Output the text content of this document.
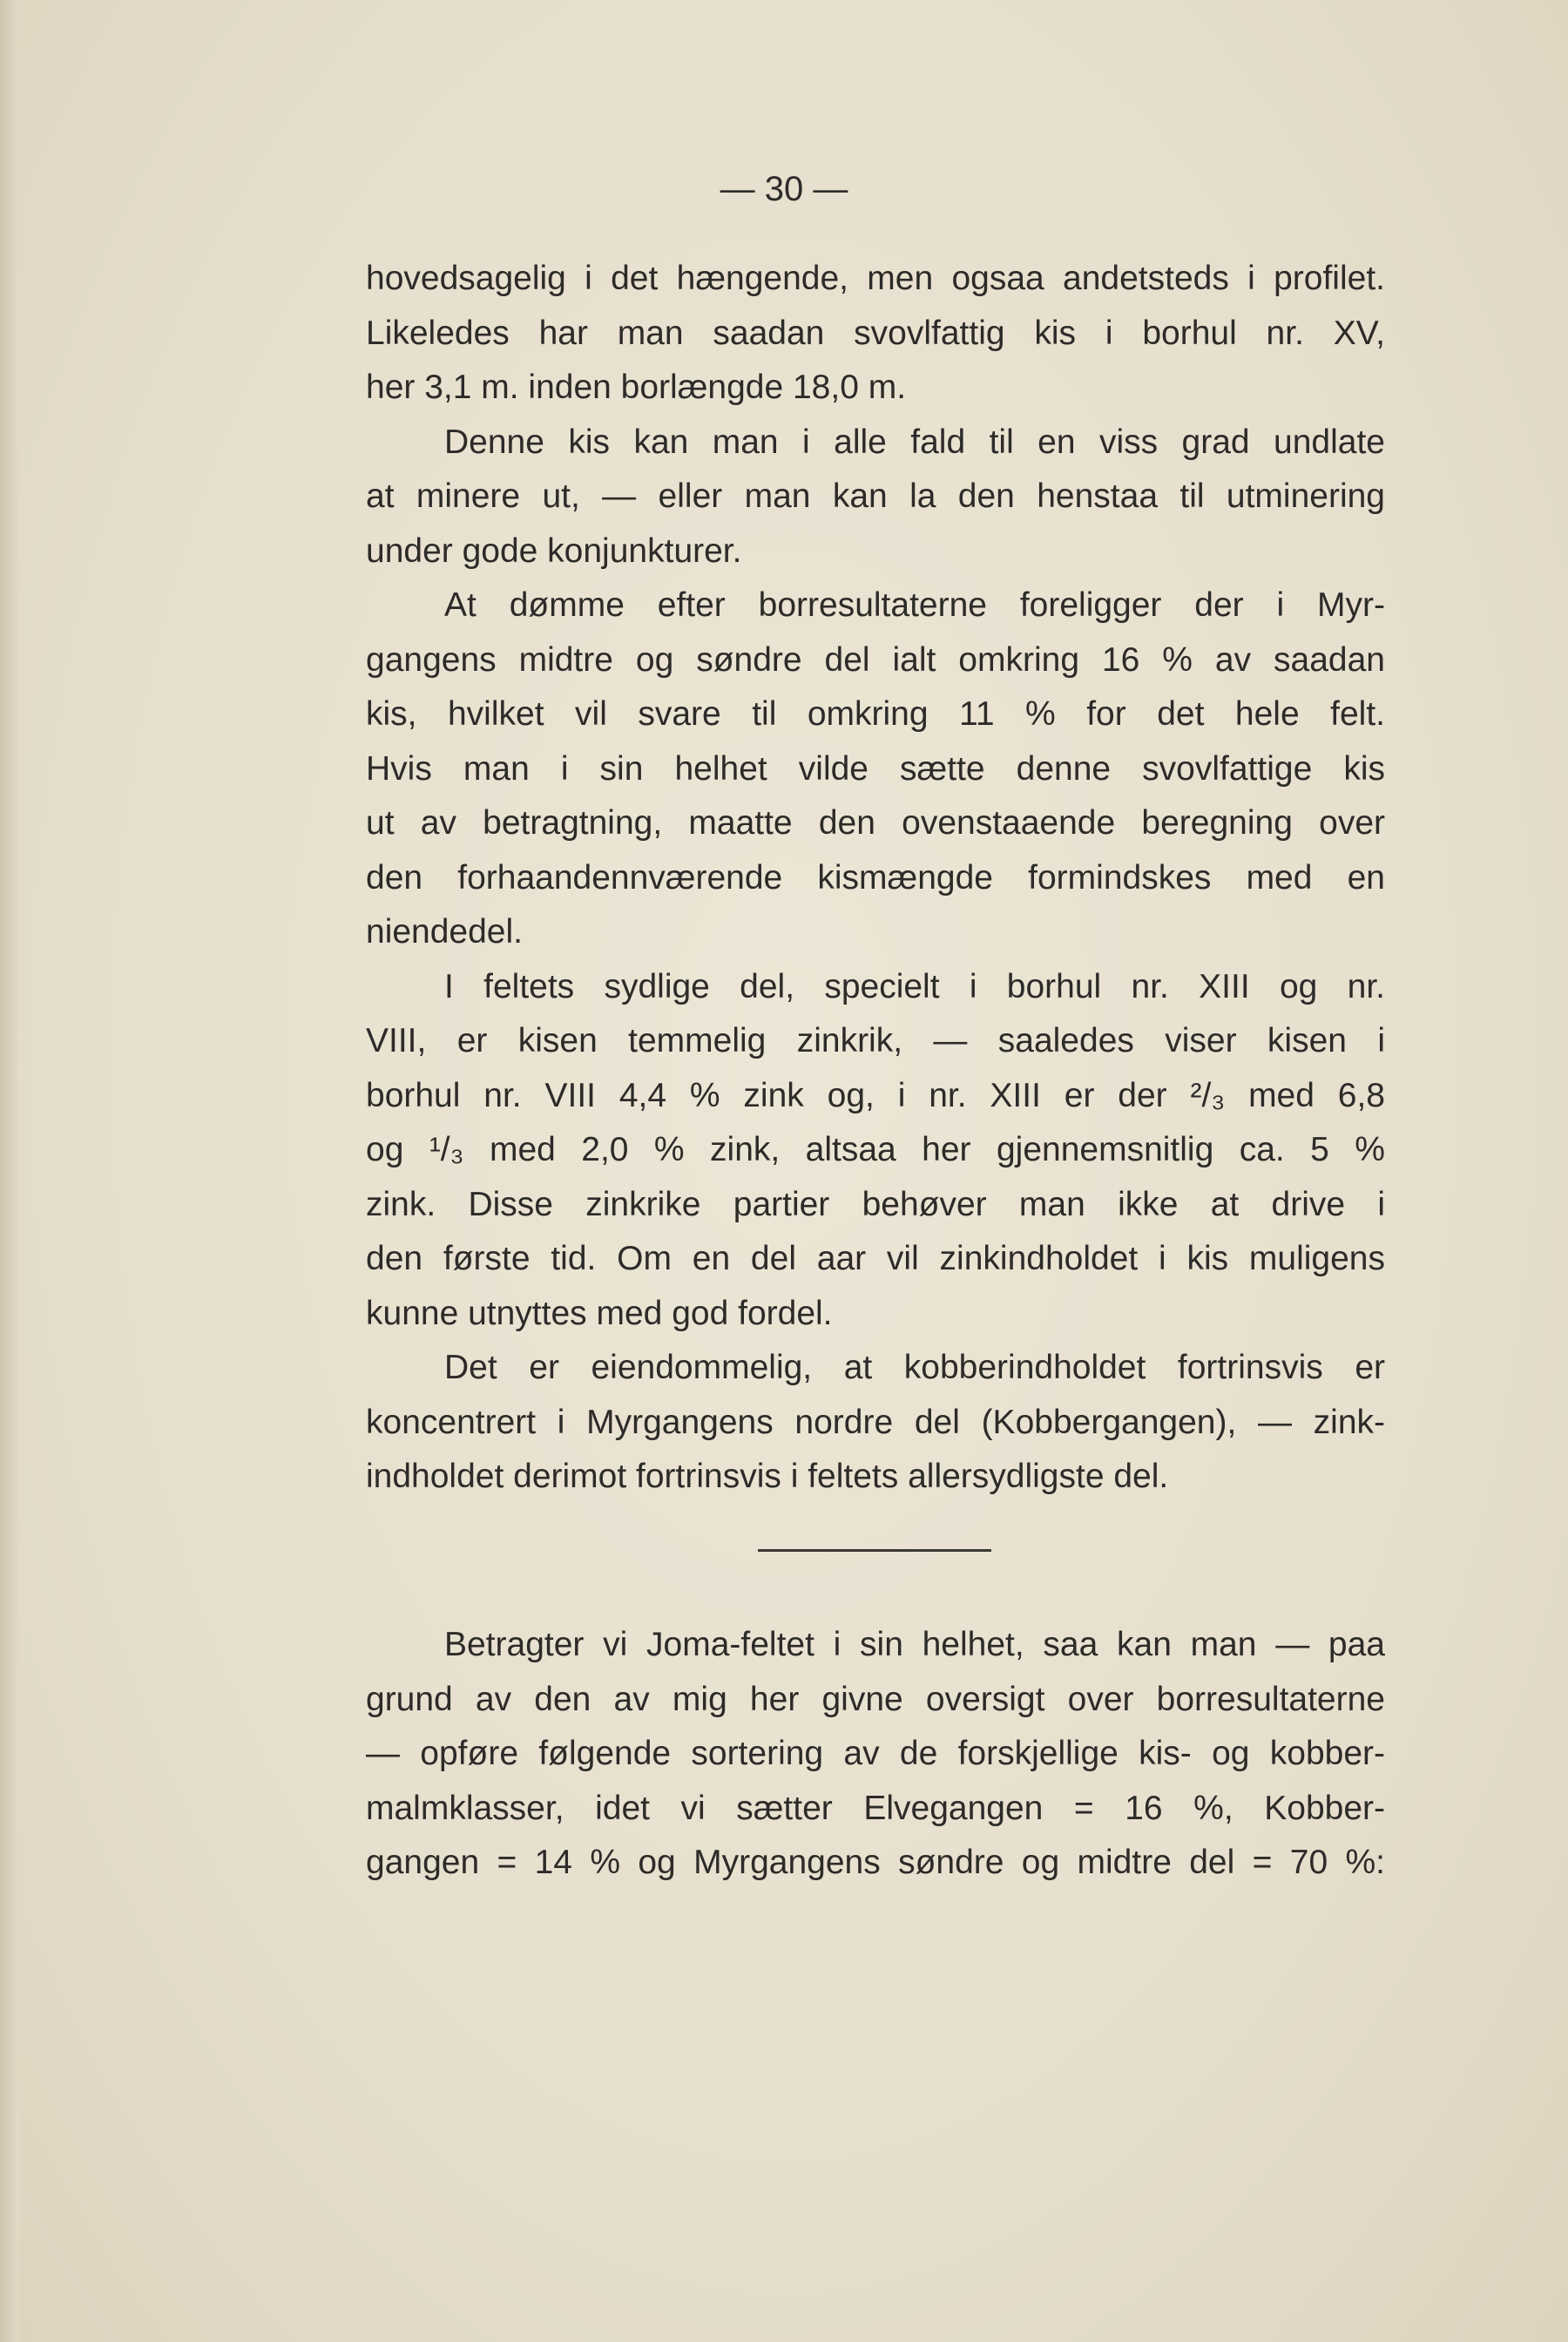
— 30 —
hovedsagelig i det hængende, men ogsaa andetsteds i profilet.
Likeledes har man saadan svovlfattig kis i borhul nr. XV,
her 3,1 m. inden borlængde 18,0 m.
Denne kis kan man i alle fald til en viss grad undlate
at minere ut, — eller man kan la den henstaa til utminering
under gode konjunkturer.
At dømme efter borresultaterne foreligger der i Myr-
gangens midtre og søndre del ialt omkring 16 % av saadan
kis, hvilket vil svare til omkring 11 % for det hele felt.
Hvis man i sin helhet vilde sætte denne svovlfattige kis
ut av betragtning, maatte den ovenstaaende beregning over
den forhaandennværende kismængde formindskes med en
niendedel.
I feltets sydlige del, specielt i borhul nr. XIII og nr.
VIII, er kisen temmelig zinkrik, — saaledes viser kisen i
borhul nr. VIII 4,4 % zink og, i nr. XIII er der ²/₃ med 6,8
og ¹/₃ med 2,0 % zink, altsaa her gjennemsnitlig ca. 5 %
zink. Disse zinkrike partier behøver man ikke at drive i
den første tid. Om en del aar vil zinkindholdet i kis muligens
kunne utnyttes med god fordel.
Det er eiendommelig, at kobberindholdet fortrinsvis er
koncentrert i Myrgangens nordre del (Kobbergangen), — zink-
indholdet derimot fortrinsvis i feltets allersydligste del.
Betragter vi Joma-feltet i sin helhet, saa kan man — paa
grund av den av mig her givne oversigt over borresultaterne
— opføre følgende sortering av de forskjellige kis- og kobber-
malmklasser, idet vi sætter Elvegangen = 16 %, Kobber-
gangen = 14 % og Myrgangens søndre og midtre del = 70 %:
